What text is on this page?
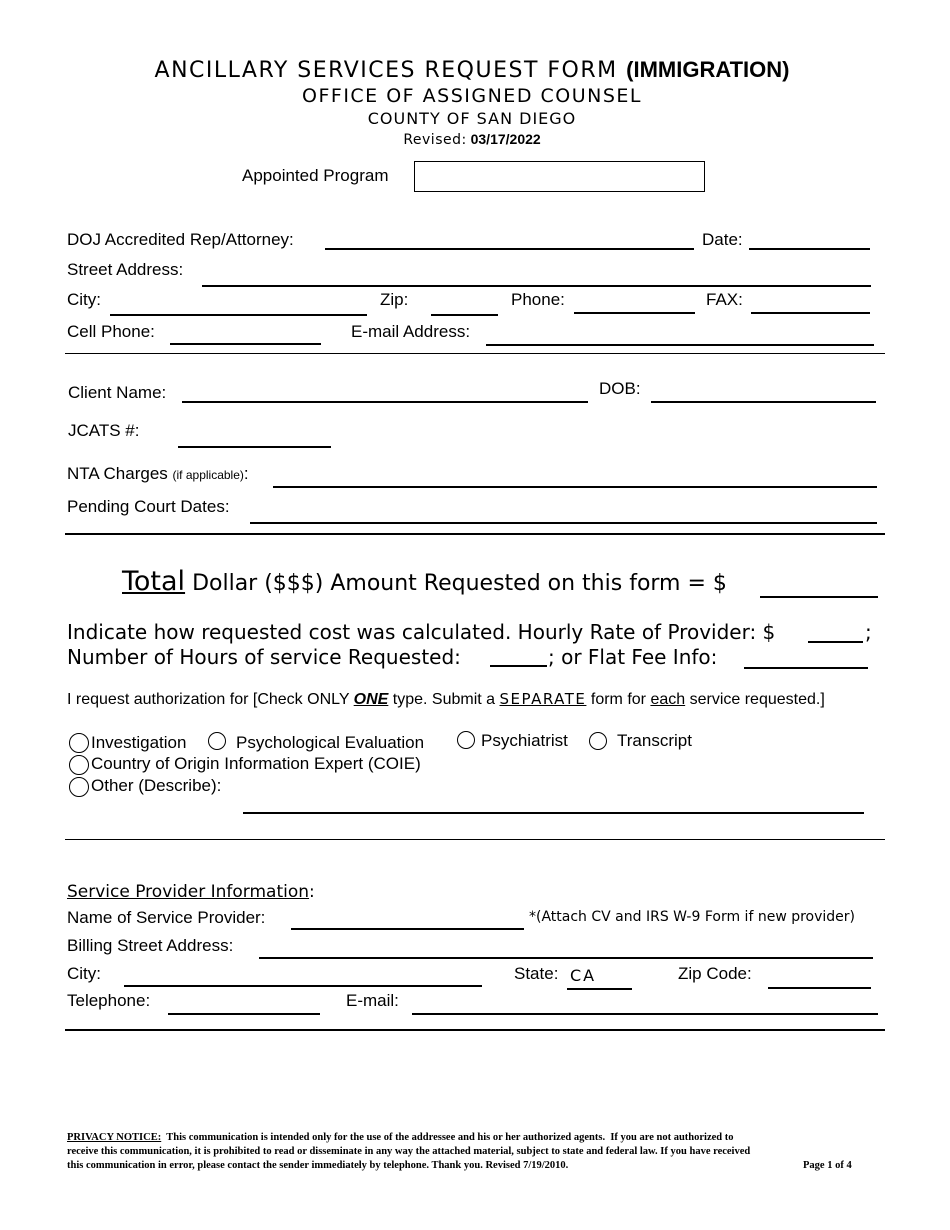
ANCILLARY SERVICES REQUEST FORM (IMMIGRATION)
OFFICE OF ASSIGNED COUNSEL
COUNTY OF SAN DIEGO
Revised: 03/17/2022
Appointed Program
DOJ Accredited Rep/Attorney:	Date:
Street Address:
City:	Zip:	Phone:	FAX:
Cell Phone:	E-mail Address:
Client Name:	DOB:
JCATS #:
NTA Charges (if applicable):
Pending Court Dates:
Total Dollar ($$$) Amount Requested on this form = $
Indicate how requested cost was calculated. Hourly Rate of Provider: $	;
Number of Hours of service Requested:	; or Flat Fee Info:
I request authorization for [Check ONLY ONE type. Submit a SEPARATE form for each service requested.]
Investigation	Psychological Evaluation	Psychiatrist	Transcript
Country of Origin Information Expert (COIE)
Other (Describe):
Service Provider Information:
Name of Service Provider:	*(Attach CV and IRS W-9 Form if new provider)
Billing Street Address:
City:	State: CA	Zip Code:
Telephone:	E-mail:
PRIVACY NOTICE:  This communication is intended only for the use of the addressee and his or her authorized agents.  If you are not authorized to
receive this communication, it is prohibited to read or disseminate in any way the attached material, subject to state and federal law. If you have received
this communication in error, please contact the sender immediately by telephone. Thank you. Revised 7/19/2010.	Page 1 of 4
